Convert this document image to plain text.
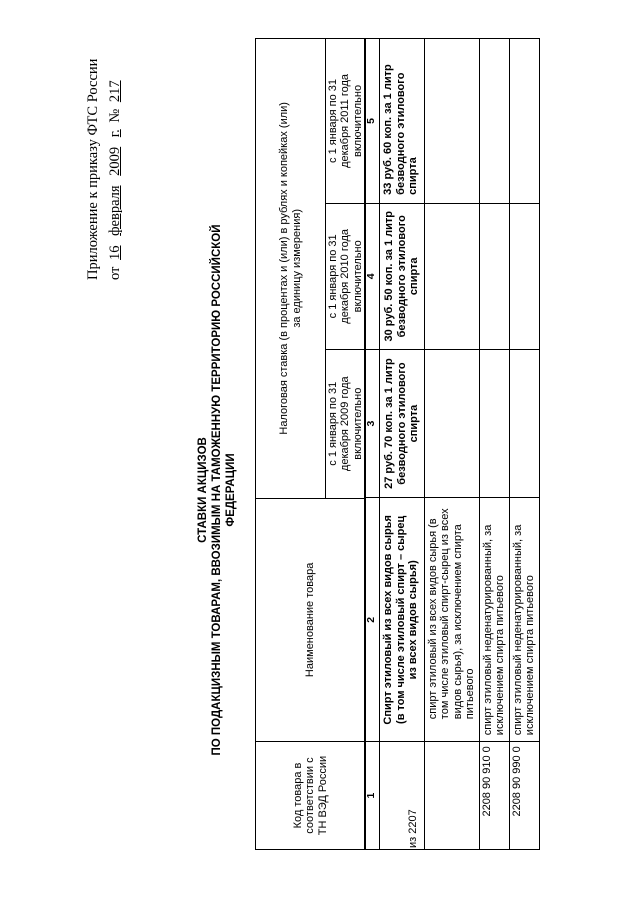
Приложение к приказу ФТС России от 16 февраля 2009 г. № 217
СТАВКИ АКЦИЗОВ ПО ПОДАКЦИЗНЫМ ТОВАРАМ, ВВОЗИМЫМ НА ТАМОЖЕННУЮ ТЕРРИТОРИЮ РОССИЙСКОЙ ФЕДЕРАЦИИ
Код товара в соответствии с ТН ВЭД России	Наименование товара	Налоговая ставка (в процентах и (или) в рублях и копейках (или) за единицу измерения)		
		с 1 января по 31 декабря 2009 года включительно	с 1 января по 31 декабря 2010 года включительно	с 1 января по 31 декабря 2011 года включительно
1	2	3	4	5

из 2207	Спирт этиловый из всех видов сырья (в том числе этиловый спирт – сырец из всех видов сырья)	27 руб. 70 коп. за 1 литр безводного этилового спирта	30 руб. 50 коп. за 1 литр безводного этилового спирта	33 руб. 60 коп. за 1 литр безводного этилового спирта
	спирт этиловый из всех видов сырья (в том числе этиловый спирт-сырец из всех видов сырья), за исключением спирта питьевого			
2208 90 910 0	спирт этиловый неденатурированный, за исключением спирта питьевого			
2208 90 990 0	спирт этиловый неденатурированный, за исключением спирта питьевого			
